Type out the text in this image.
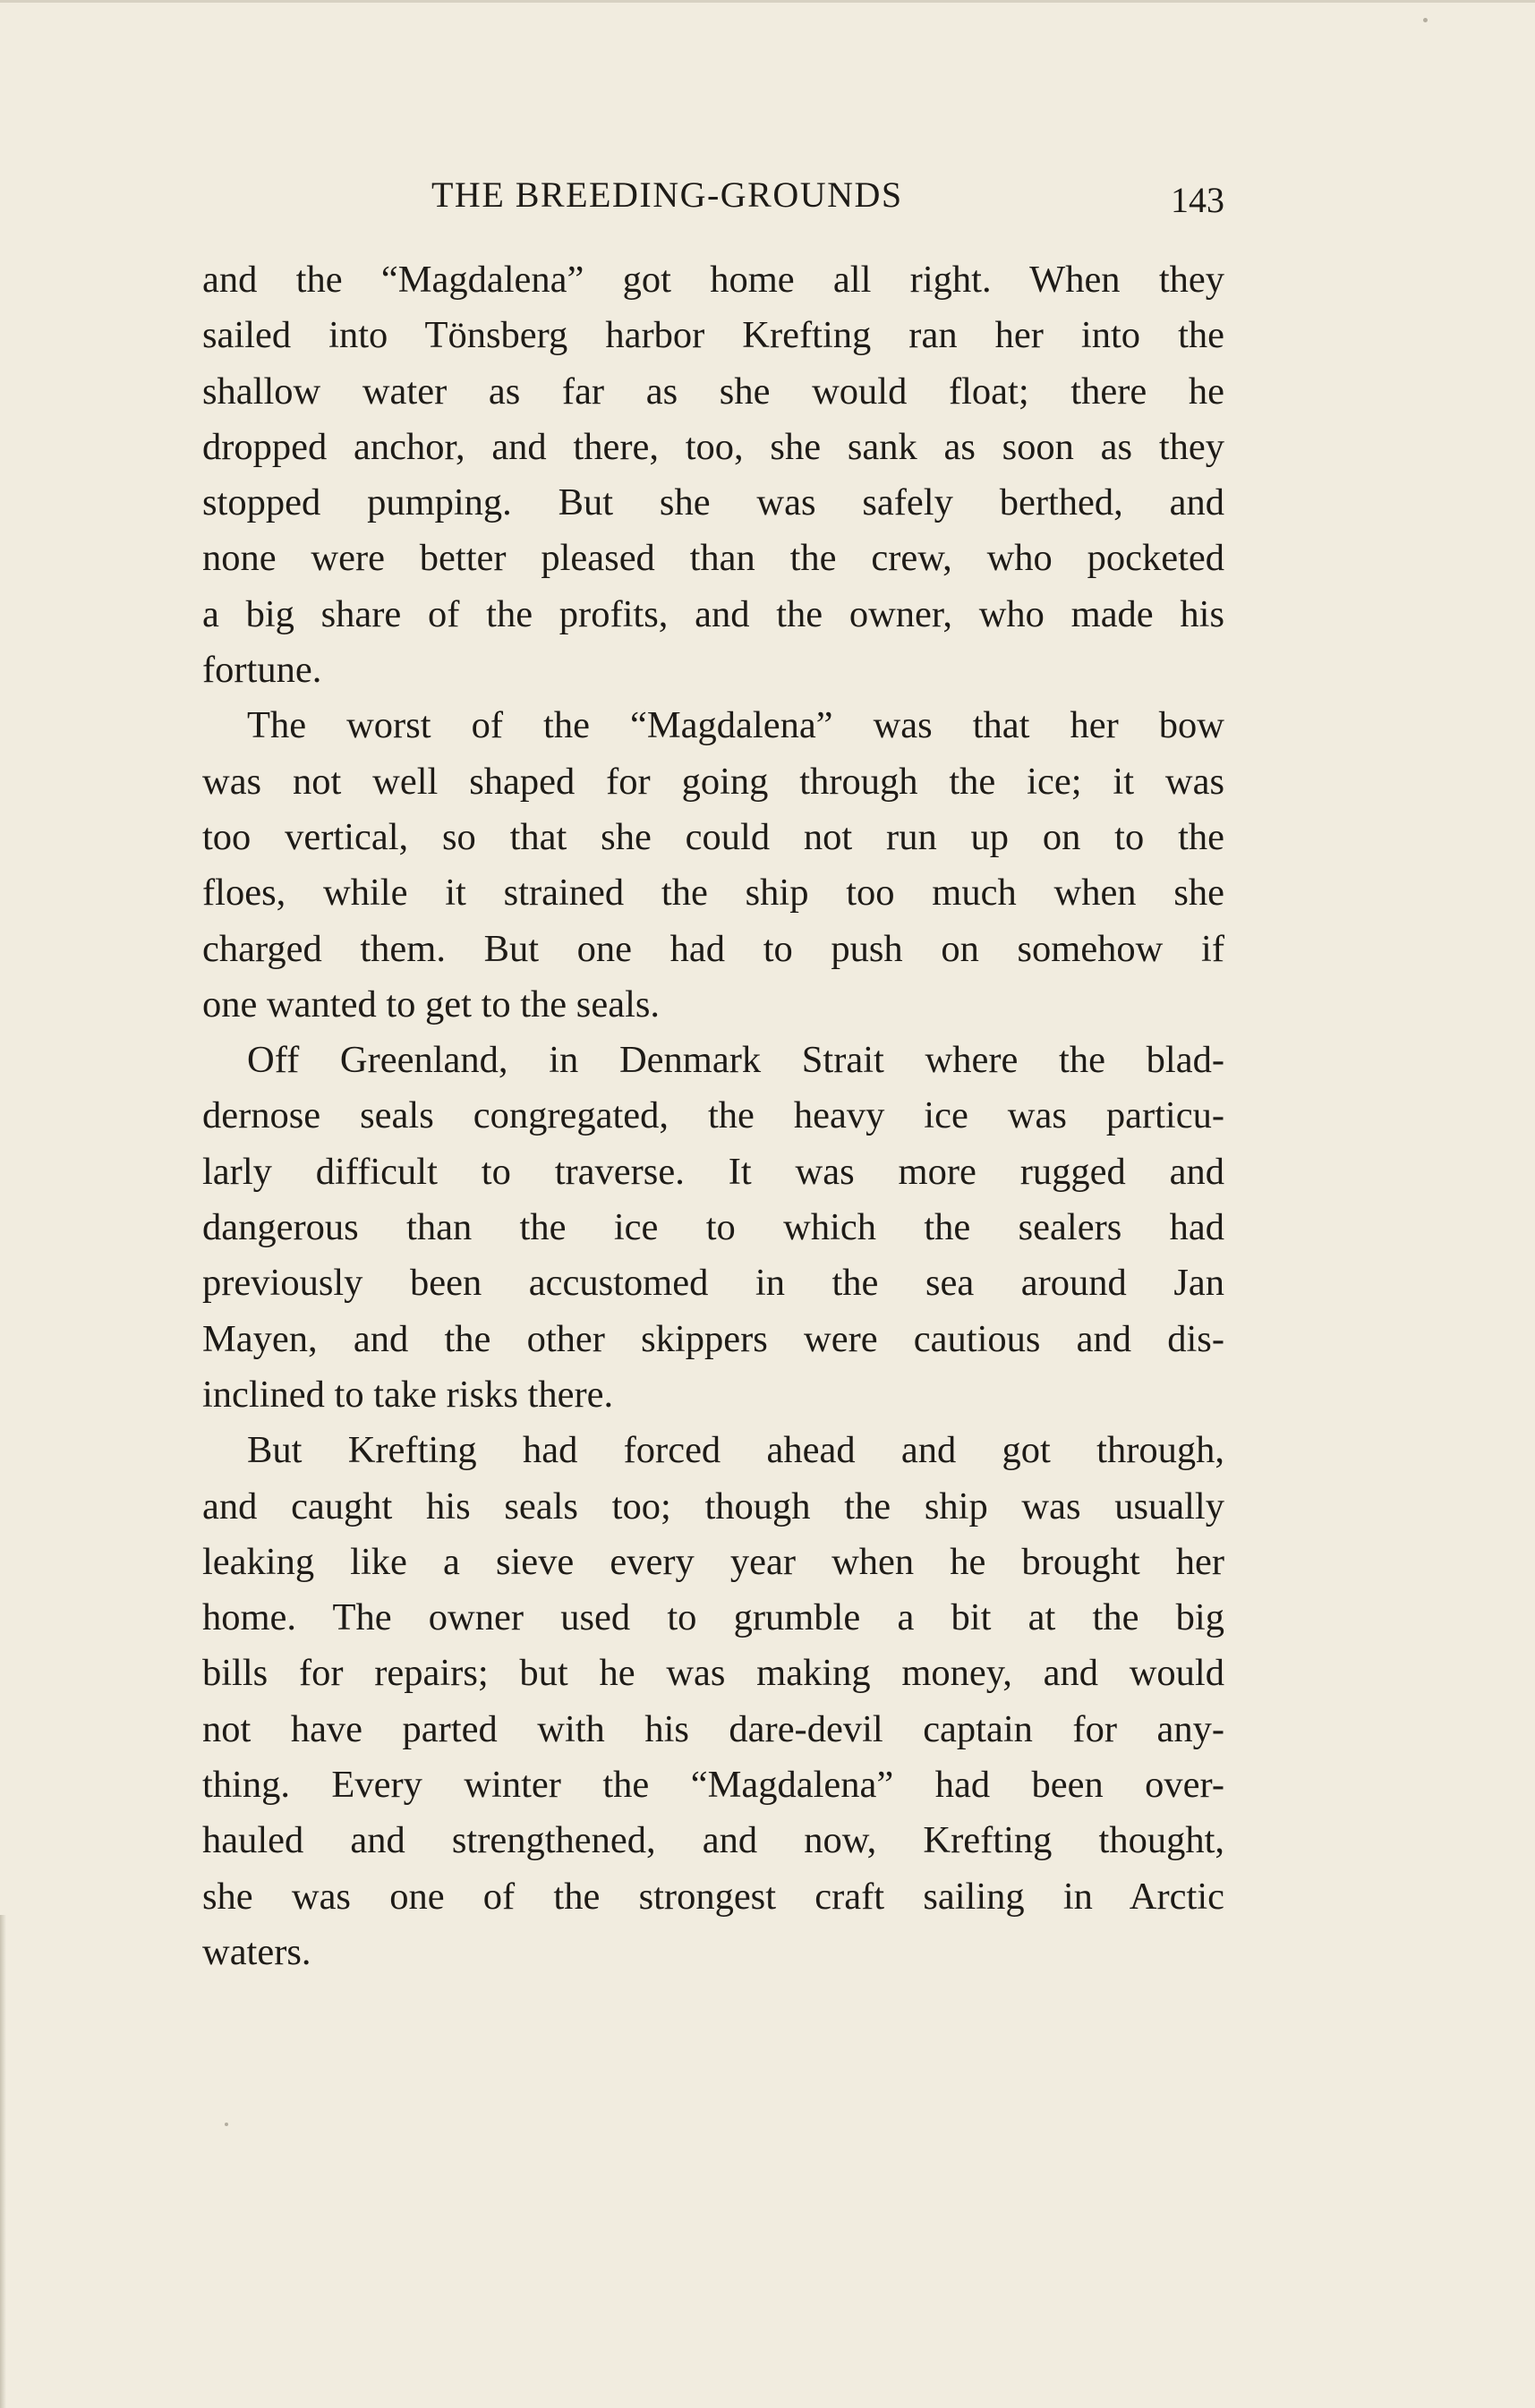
THE BREEDING-GROUNDS	143

and the “Magdalena” got home all right. When they
sailed into Tönsberg harbor Krefting ran her into the
shallow water as far as she would float; there he
dropped anchor, and there, too, she sank as soon as they
stopped pumping. But she was safely berthed, and
none were better pleased than the crew, who pocketed
a big share of the profits, and the owner, who made his
fortune.

The worst of the “Magdalena” was that her bow
was not well shaped for going through the ice; it was
too vertical, so that she could not run up on to the
floes, while it strained the ship too much when she
charged them. But one had to push on somehow if
one wanted to get to the seals.

Off Greenland, in Denmark Strait where the blad-
dernose seals congregated, the heavy ice was particu-
larly difficult to traverse. It was more rugged and
dangerous than the ice to which the sealers had
previously been accustomed in the sea around Jan
Mayen, and the other skippers were cautious and dis-
inclined to take risks there.

But Krefting had forced ahead and got through,
and caught his seals too; though the ship was usually
leaking like a sieve every year when he brought her
home. The owner used to grumble a bit at the big
bills for repairs; but he was making money, and would
not have parted with his dare-devil captain for any-
thing. Every winter the “Magdalena” had been over-
hauled and strengthened, and now, Krefting thought,
she was one of the strongest craft sailing in Arctic
waters.
